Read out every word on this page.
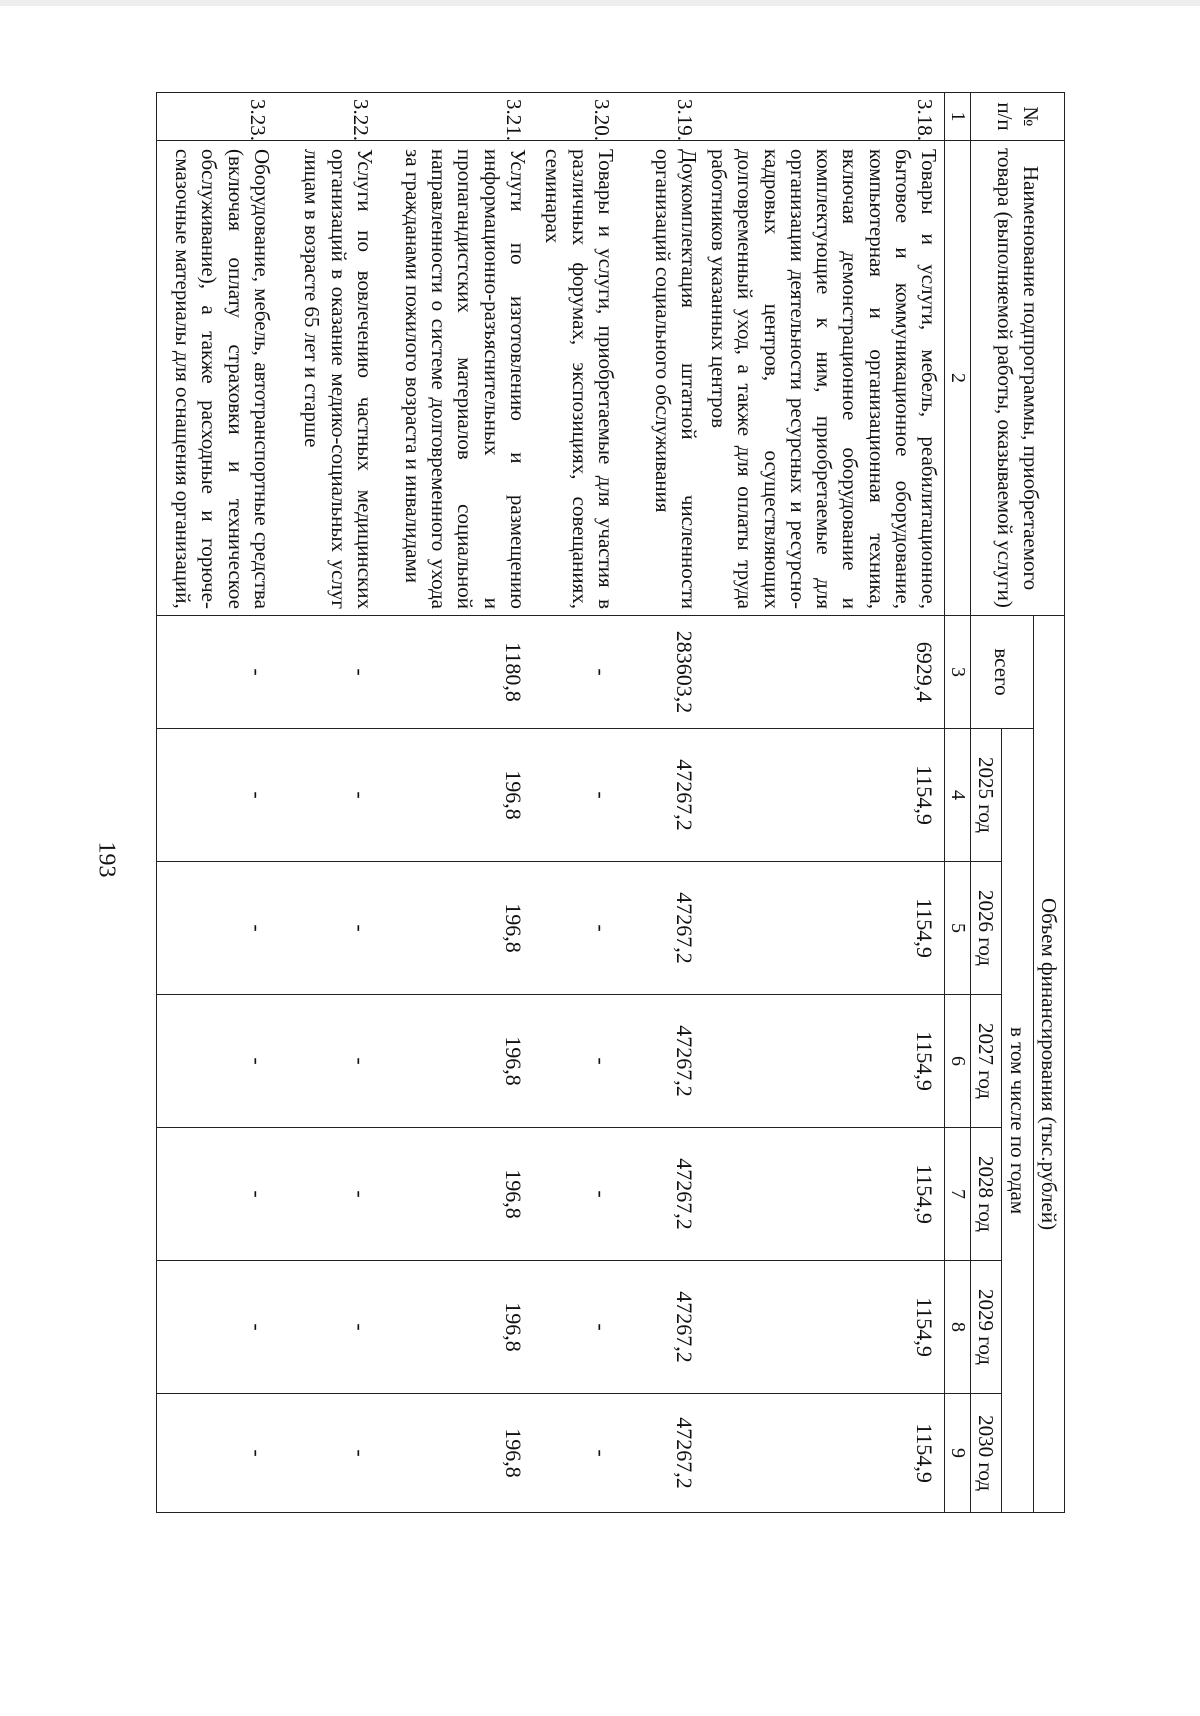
193
№ п/п	Наименование подпрограммы, приобретаемого товара (выполняемой работы, оказываемой услуги)	Объем финансирования (тыс.рублей)						
		всего	в том числе по годам					
			2025 год	2026 год	2027 год	2028 год	2029 год	2030 год
1	2	3	4	5	6	7	8	9
3.18.	Товары и услуги, мебель, реабилитационное, бытовое и коммуникационное оборудование, компьютерная и организационная техника, включая демонстрационное оборудование и комплектующие к ним, приобретаемые для организации деятельности ресурсных и ресурсно-кадровых центров, осуществляющих долговременный уход, а также для оплаты труда работников указанных центров	6929,4	1154,9	1154,9	1154,9	1154,9	1154,9	1154,9
3.19.	Доукомплектация штатной численности организаций социального обслуживания	283603,2	47267,2	47267,2	47267,2	47267,2	47267,2	47267,2
3.20.	Товары и услуги, приобретаемые для участия в различных форумах, экспозициях, совещаниях, семинарах	-	-	-	-	-	-	-
3.21.	Услуги по изготовлению и размещению информационно-разъяснительных и пропагандистских материалов социальной направленности о системе долговременного ухода за гражданами пожилого возраста и инвалидами	1180,8	196,8	196,8	196,8	196,8	196,8	196,8
3.22.	Услуги по вовлечению частных медицинских организаций в оказание медико-социальных услуг лицам в возрасте 65 лет и старше	-	-	-	-	-	-	-
3.23.	Оборудование, мебель, автотранспортные средства (включая оплату страховки и техническое обслуживание), а также расходные и горюче-смазочные материалы для оснащения организаций,	-	-	-	-	-	-	-
